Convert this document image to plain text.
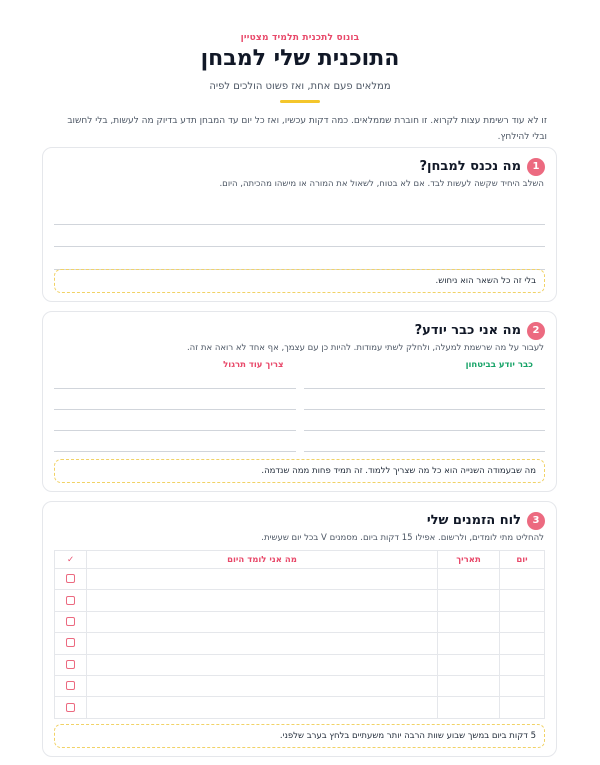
בונוס לתכנית תלמיד מצטיין
התוכנית שלי למבחן
ממלאים פעם אחת, ואז פשוט הולכים לפיה
זו לא עוד רשימת עצות לקרוא. זו חוברת שממלאים. כמה דקות עכשיו, ואז כל יום עד המבחן תדע בדיוק מה לעשות, בלי לחשוב ובלי להילחץ.
1
מה נכנס למבחן?
השלב היחיד שקשה לעשות לבד. אם לא בטוח, לשאול את המורה או מישהו מהכיתה, היום.
בלי זה כל השאר הוא ניחוש.
2
מה אני כבר יודע?
לעבור על מה שרשמת למעלה, ולחלק לשתי עמודות. להיות כן עם עצמך, אף אחד לא רואה את זה.
כבר יודע בביטחון
צריך עוד תרגול
מה שבעמודה השנייה הוא כל מה שצריך ללמוד. זה תמיד פחות ממה שנדמה.
3
לוח הזמנים שלי
להחליט מתי לומדים, ולרשום. אפילו 15 דקות ביום. מסמנים V בכל יום שעשית.
יום	תאריך	מה אני לומד היום	✓

5 דקות ביום במשך שבוע שוות הרבה יותר משעתיים בלחץ בערב שלפני.
